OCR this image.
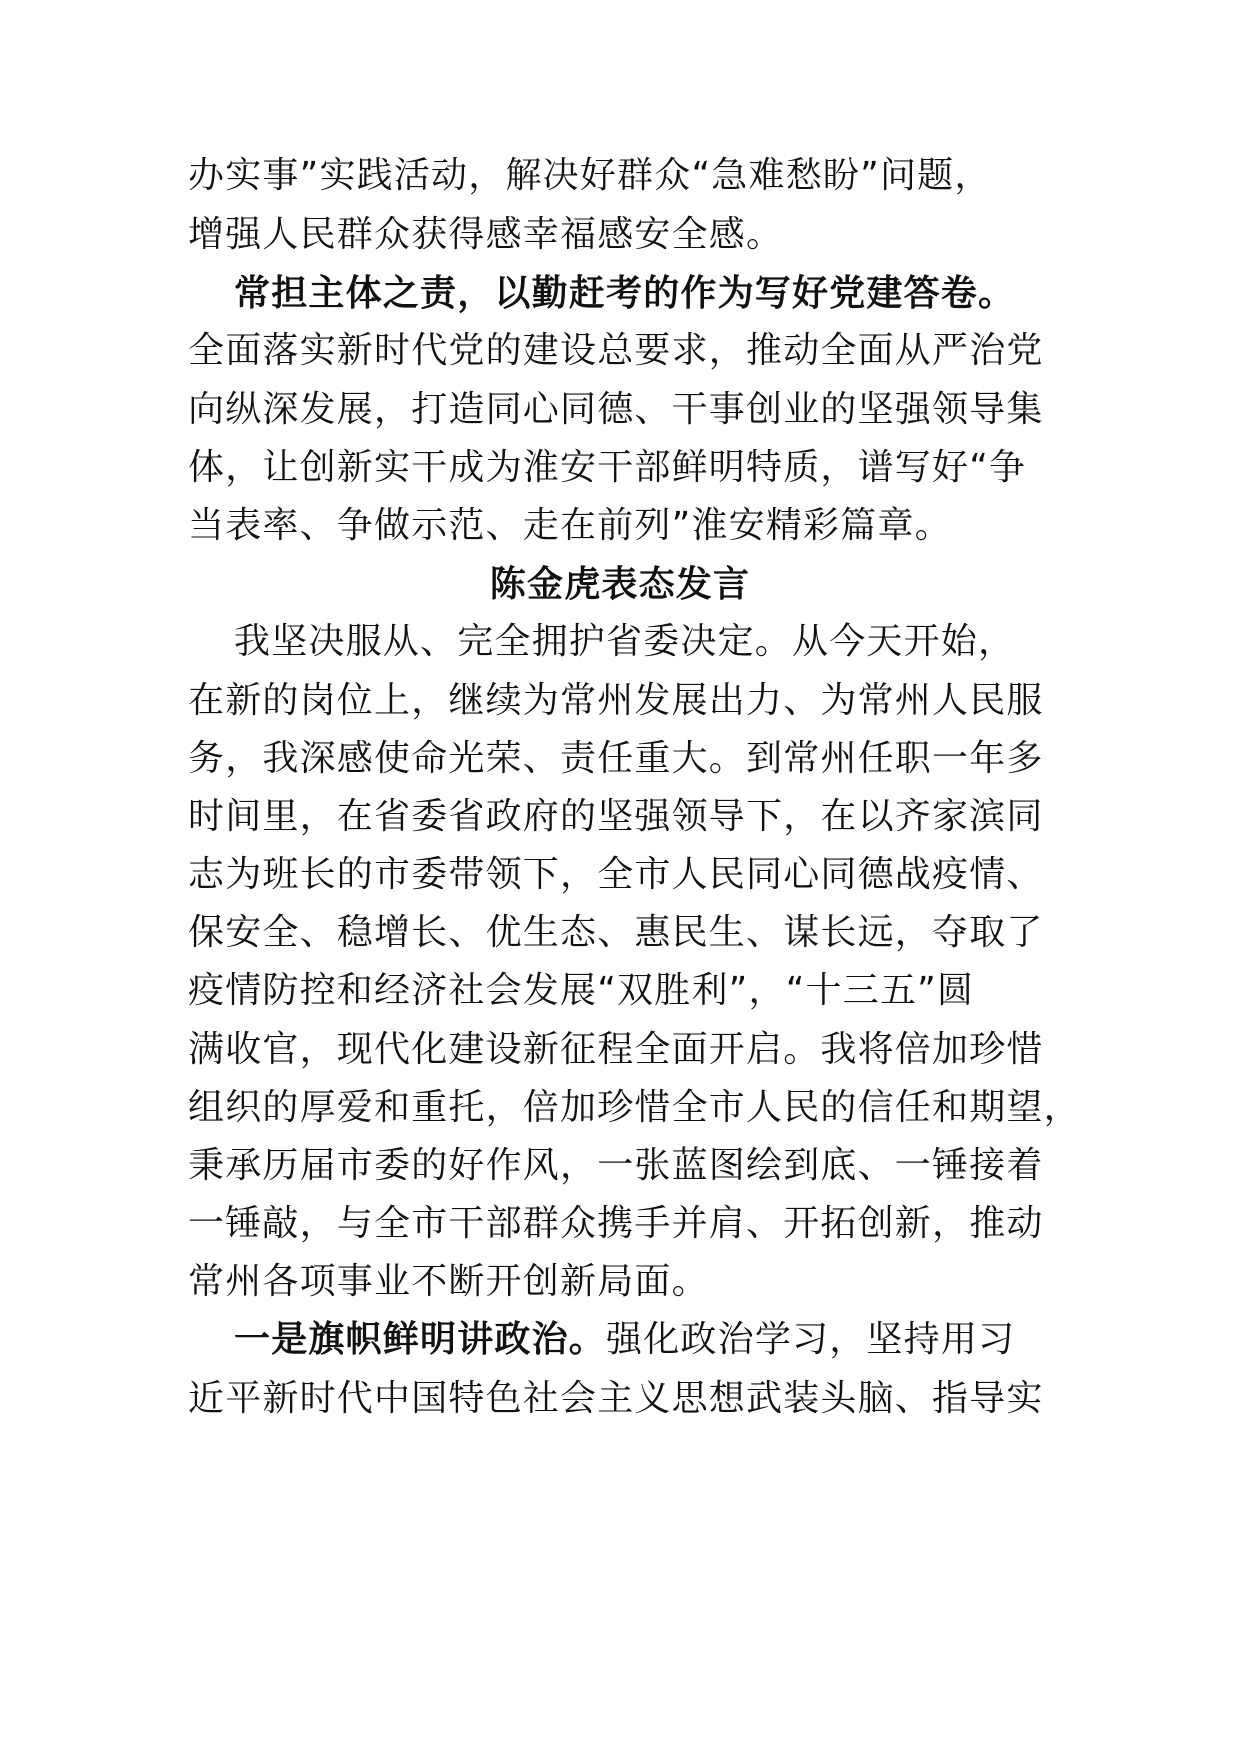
办实事”实践活动，解决好群众“急难愁盼”问题，
增强人民群众获得感幸福感安全感。
常担主体之责，以勤赶考的作为写好党建答卷。
全面落实新时代党的建设总要求，推动全面从严治党
向纵深发展，打造同心同德、干事创业的坚强领导集
体，让创新实干成为淮安干部鲜明特质，谱写好“争
当表率、争做示范、走在前列”淮安精彩篇章。
陈金虎表态发言
我坚决服从、完全拥护省委决定。从今天开始，
在新的岗位上，继续为常州发展出力、为常州人民服
务，我深感使命光荣、责任重大。到常州任职一年多
时间里，在省委省政府的坚强领导下，在以齐家滨同
志为班长的市委带领下，全市人民同心同德战疫情、
保安全、稳增长、优生态、惠民生、谋长远，夺取了
疫情防控和经济社会发展“双胜利”，“十三五”圆
满收官，现代化建设新征程全面开启。我将倍加珍惜
组织的厚爱和重托，倍加珍惜全市人民的信任和期望，
秉承历届市委的好作风，一张蓝图绘到底、一锤接着
一锤敲，与全市干部群众携手并肩、开拓创新，推动
常州各项事业不断开创新局面。
一是旗帜鲜明讲政治。强化政治学习，坚持用习
近平新时代中国特色社会主义思想武装头脑、指导实
